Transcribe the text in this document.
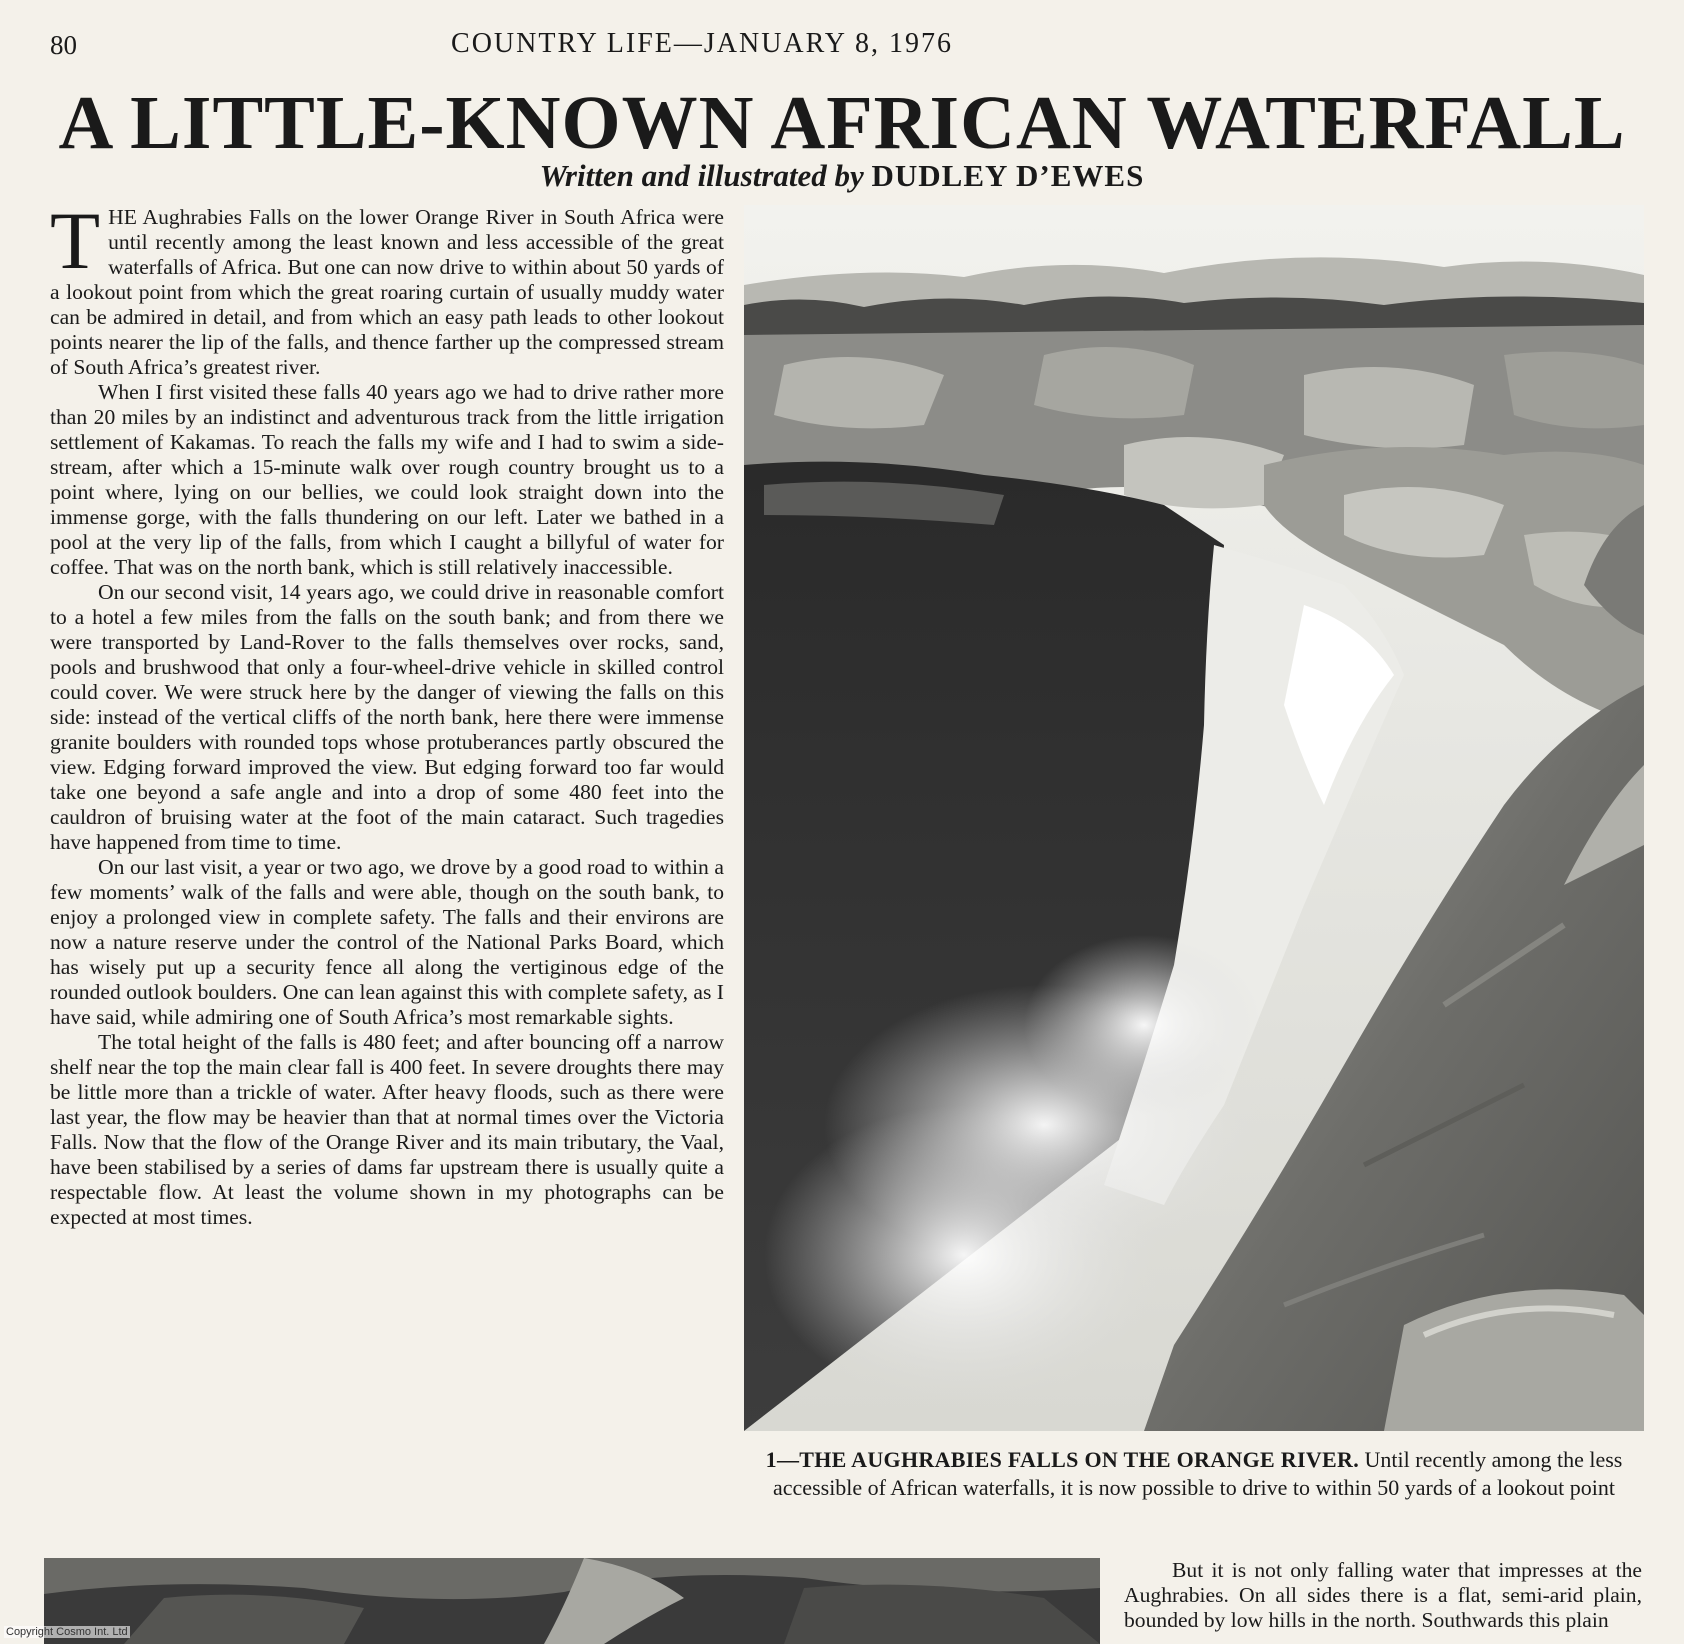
80	COUNTRY LIFE—JANUARY 8, 1976
A LITTLE-KNOWN AFRICAN WATERFALL
Written and illustrated by DUDLEY D’EWES

THE Aughrabies Falls on the lower Orange River in South Africa were until recently among the least known and less accessible of the great waterfalls of Africa. But one can now drive to within about 50 yards of a lookout point from which the great roaring curtain of usually muddy water can be admired in detail, and from which an easy path leads to other lookout points nearer the lip of the falls, and thence farther up the compressed stream of South Africa’s greatest river.

When I first visited these falls 40 years ago we had to drive rather more than 20 miles by an indistinct and adventurous track from the little irrigation settlement of Kakamas. To reach the falls my wife and I had to swim a side-stream, after which a 15-minute walk over rough country brought us to a point where, lying on our bellies, we could look straight down into the immense gorge, with the falls thundering on our left. Later we bathed in a pool at the very lip of the falls, from which I caught a billyful of water for coffee. That was on the north bank, which is still relatively inaccessible.

On our second visit, 14 years ago, we could drive in reasonable comfort to a hotel a few miles from the falls on the south bank; and from there we were transported by Land-Rover to the falls themselves over rocks, sand, pools and brushwood that only a four-wheel-drive vehicle in skilled control could cover. We were struck here by the danger of viewing the falls on this side: instead of the vertical cliffs of the north bank, here there were immense granite boulders with rounded tops whose protuberances partly obscured the view. Edging forward improved the view. But edging forward too far would take one beyond a safe angle and into a drop of some 480 feet into the cauldron of bruising water at the foot of the main cataract. Such tragedies have happened from time to time.

On our last visit, a year or two ago, we drove by a good road to within a few moments’ walk of the falls and were able, though on the south bank, to enjoy a prolonged view in complete safety. The falls and their environs are now a nature reserve under the control of the National Parks Board, which has wisely put up a security fence all along the vertiginous edge of the rounded outlook boulders. One can lean against this with complete safety, as I have said, while admiring one of South Africa’s most remarkable sights.

The total height of the falls is 480 feet; and after bouncing off a narrow shelf near the top the main clear fall is 400 feet. In severe droughts there may be little more than a trickle of water. After heavy floods, such as there were last year, the flow may be heavier than that at normal times over the Victoria Falls. Now that the flow of the Orange River and its main tributary, the Vaal, have been stabilised by a series of dams far upstream there is usually quite a respectable flow. At least the volume shown in my photographs can be expected at most times.

1—THE AUGHRABIES FALLS ON THE ORANGE RIVER. Until recently among the less accessible of African waterfalls, it is now possible to drive to within 50 yards of a lookout point

But it is not only falling water that impresses at the Aughrabies. On all sides there is a flat, semi-arid plain, bounded by low hills in the north. Southwards this plain

Copyright Cosmo Int. Ltd
